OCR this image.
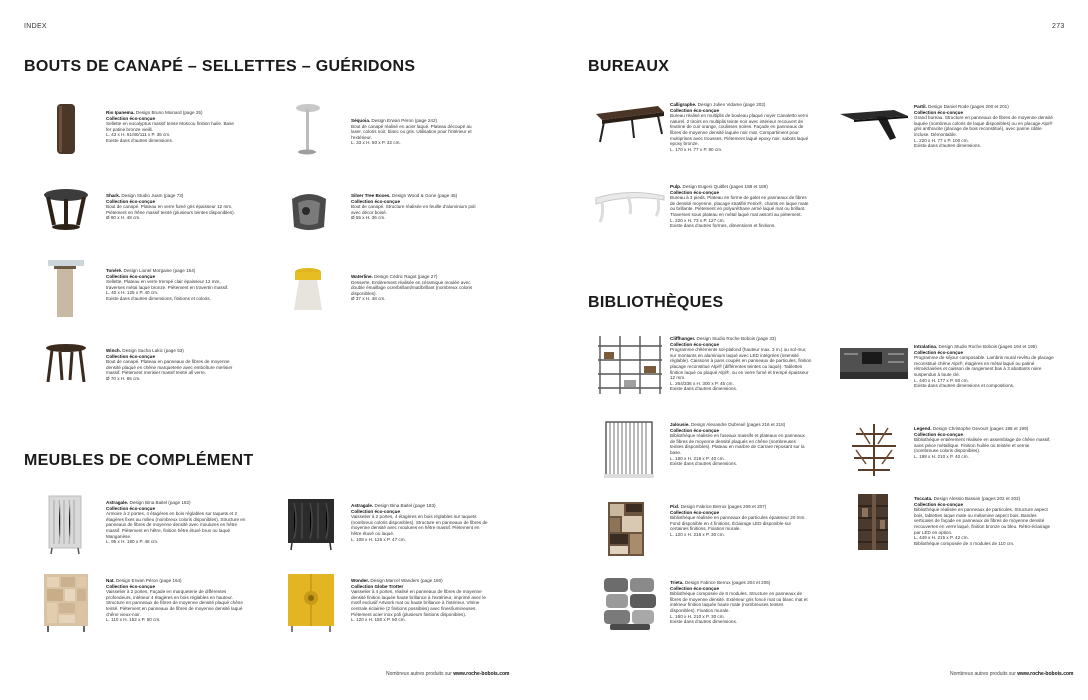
INDEX	273
BOUTS DE CANAPÉ – SELLETTES – GUÉRIDONS
MEUBLES DE COMPLÉMENT
BUREAUX
BIBLIOTHÈQUES

Rio Ipanema. Design Bruno Moinard (page 25)

Collection éco-conçue

Sellette en eucalyptus massif teinte Moscou finition huile. Base fer patine bronze vieilli.

L. 43 x H. 61/80/111 x P. 35 cm.

Existe dans d'autres dimensions.

Séquoia. Design Erwan Péron (page 242)

Bout de canapé réalisé en acier laqué. Plateau découpé au laser, coloris noir, blanc ou gris. Utilisation pour l'intérieur et l'extérieur.

L. 33 x H. 50 x P. 32 cm.

Shark. Design Studio Juam (page 73)

Collection éco-conçue

Bout de canapé. Plateau en verre fumé gris épaisseur 12 mm. Piètement en frêne massif teinté (plusieurs teintes disponibles).

Ø 60 x H. 48 cm.

Silver Tree Boxes. Design Wood & Gone (page 45)

Collection éco-conçue

Bout de canapé. Structure réalisée en feuille d'aluminium poli avec décor boisé.

Ø 55 x H. 36 cm.

Tonéré. Design Lionel Morgaine (page 154)

Collection éco-conçue

Sellette. Plateau en verre trempé clair épaisseur 12 mm, traverses métal laqué bronze. Piètement en travertin massif.

L. 40 x H. 125 x P. 40 cm.

Existe dans d'autres dimensions, finitions et coloris.

Waterline. Design Cédric Ragot (page 27)

Desserte. Entièrement réalisée en céramique moulée avec double émaillage ocre/brillant/mat/brillant (nombreux coloris disponibles).

Ø 37 x H. 48 cm.

Winch. Design Sacha Lakic (page 53)

Collection éco-conçue

Bout de canapé. Plateau en panneaux de fibres de moyenne densité plaqué en chêne marqueterie avec emboîture merisier massif. Piètement merisier massif teinté all verre.

Ø 70 x H. 65 cm.

Astragale. Design Bina Baitel (page 182)

Collection éco-conçue

Armoire à 2 portes, 4 étagères en bois réglables sur taquets et 2 étagères fixes au milieu (nombreux coloris disponibles). Structure en panneaux de fibres de moyenne densité avec moulures en hêtre massif. Piètement en hêtre, finition hêtre étuvé brun ou laqué Manganèse.

L. 95 x H. 180 x P. 48 cm.

Astragale. Design Bina Baitel (page 183)

Collection éco-conçue

Vaisselier à 2 portes, 4 étagères en bois réglables sur taquets (nombreux coloris disponibles). Structure en panneaux de fibres de moyenne densité avec moulures en hêtre massif. Piètement en hêtre étuvé ou laqué.

L. 108 x H. 125 x P. 47 cm.

Nat. Design Erwan Péron (page 164)

Collection éco-conçue

Vaisselier à 2 portes. Façade en marqueterie de différentes profondeurs, intérieur 4 étagères en bois réglables en hauteur. Structure en panneaux de fibres de moyenne densité plaqué chêne teinté. Piètement en panneaux de fibres de moyenne densité laqué chêne vieux-noir.

L. 110 x H. 152 x P. 50 cm.

Wonder. Design Marcel Wanders (page 180)

Collection Globe Trotter

Vaisselier à 4 portes, réalisé en panneaux de fibres de moyenne densité finition laquée haute brillance à l'extérieur, imprimé avec le motif exclusif Artwork mat ou haute brillance à l'intérieur. Vitrine centrale éclairée (2 finitions possibles) avec fines/lumineuses. Piètement acier inox poli (plusieurs finitions disponibles).

L. 120 x H. 150 x P. 50 cm.

Calligraphe. Design Julien Vidame (page 202)

Collection éco-conçue

Bureau réalisé en multiplis de bouleau plaqué noyer Canaletto verni naturel. 2 tiroirs en multiplis teinte noir avec intérieur recouvert de feutrine de cuir orange, coulisses noires. Façade en panneaux de fibres de moyenne densité laquée noir mat. Compartiment pour multiprises avec trousses. Piètement laqué epoxy noir, sabots laqué epoxy bronze.

L. 170 x H. 77 x P. 90 cm.

Partil. Design Daniel Rode (pages 200 et 201)

Collection éco-conçue

Grand bureau. Structure en panneaux de fibres de moyenne densité laquée (nombreux coloris de laque disponibles) ou en placage Alpi® gris anthracite (placage de bois reconstitué), avec panne câble incluse. Démontable.

L. 220 x H. 77 x P. 100 cm.

Existe dans d'autres dimensions.

Pulp. Design Eugeni Quitllet (pages 188 et 189)

Collection éco-conçue

Bureau à 3 pieds. Plateau en forme de galet en panneaux de fibres de densité moyenne, placage stratifié Fenix®, chants en laque mate ou brillante. Piètement en polyuréthane armé laqué mat ou brillant. Traverses sous plateau en métal laqué mat assorti au piètement.

L. 220 x H. 73 x P. 127 cm.

Existe dans d'autres formes, dimensions et finitions.

Cliffhanger. Design Studio Roche Bobois (page 33)

Collection éco-conçue

Programme d'éléments sol-plafond (hauteur max. 3 m.) ou sol-mur, sur montants en aluminium laqué avec LED intégrées (intensité réglable). Caissons à pans coupés en panneaux de particules, finition placage reconstitué Alpi® (différentes teintes ou laqué). Tablettes finition laqué ou plaqué Alpi®, ou en verre fumé et trempé épaisseur 12 mm.

L. 264/336 x H. 300 x P. 45 cm.

Existe dans d'autres dimensions.

Intralatina. Design Studio Roche Bobois (pages 194 et 195)

Collection éco-conçue

Programme de séjour composable. Lambris mural revêtu de placage reconstitué chêne Alpi®, étagères en métal laqué ou patiné rétroéclairées et caisson de rangement bas à 3 abattants noire suspendus à toute clé.

L. 440 x H. 177 x P. 50 cm.

Existe dans d'autres dimensions et compositions.

Jalousie. Design Alexandre Dubreuil (pages 216 et 218)

Collection éco-conçue

Bibliothèque réalisée en fuseaux massifs et plateaux en panneaux de fibres de moyenne densité plaqués en chêne (nombreuses teintes disponibles). Plateau en marbre de Carrare reposant sur la base.

L. 160 x H. 218 x P. 40 cm.

Existe dans d'autres dimensions.

Legend. Design Christophe Gevourt (pages 198 et 199)

Collection éco-conçue

Bibliothèque entièrement réalisée en assemblage de chêne massif, sans pièce métallique. Finition huilée ou teintée et vernie (nombreuse coloris disponibles).

L. 198 x H. 210 x P. 40 cm.

Pixl. Design Fabrice Berrux (pages 206 et 207)

Collection éco-conçue

Bibliothèque réalisée en panneaux de particules épaisseur 20 mm. Fond disponible en 4 finitions. Éclairage LED disponible sur certaines finitions. Fixation murale.

L. 120 x H. 218 x P. 30 cm.

Toccata. Design Alessio Bassan (pages 202 et 203)

Collection éco-conçue

Bibliothèque réalisée en panneaux de particules. Structure aspect bois, tablettes laque mate ou mélamine aspect bois. Bandes verticales de façade en panneaux de fibres de moyenne densité recouvertes en verre laqué, finition bronze ou bleu. Rétro-éclairage par LED en option.

L. 449 x H. 215 x P. 42 cm.

Bibliothèque composée de 4 modules de 110 cm.

Trieta. Design Fabrice Berrux (pages 204 et 205)

Collection éco-conçue

Bibliothèque composée de 8 modules. Structure en panneaux de fibres de moyenne densité. Extérieur gris foncé mat ou blanc mat et intérieur finition laquée haute mate (nombreuses teintes disponibles). Fixation murale.

L. 160 x H. 210 x P. 30 cm.

Existe dans d'autres dimensions.

Nombreux autres produits sur www.roche-bobois.com	Nombreux autres produits sur www.roche-bobois.com
